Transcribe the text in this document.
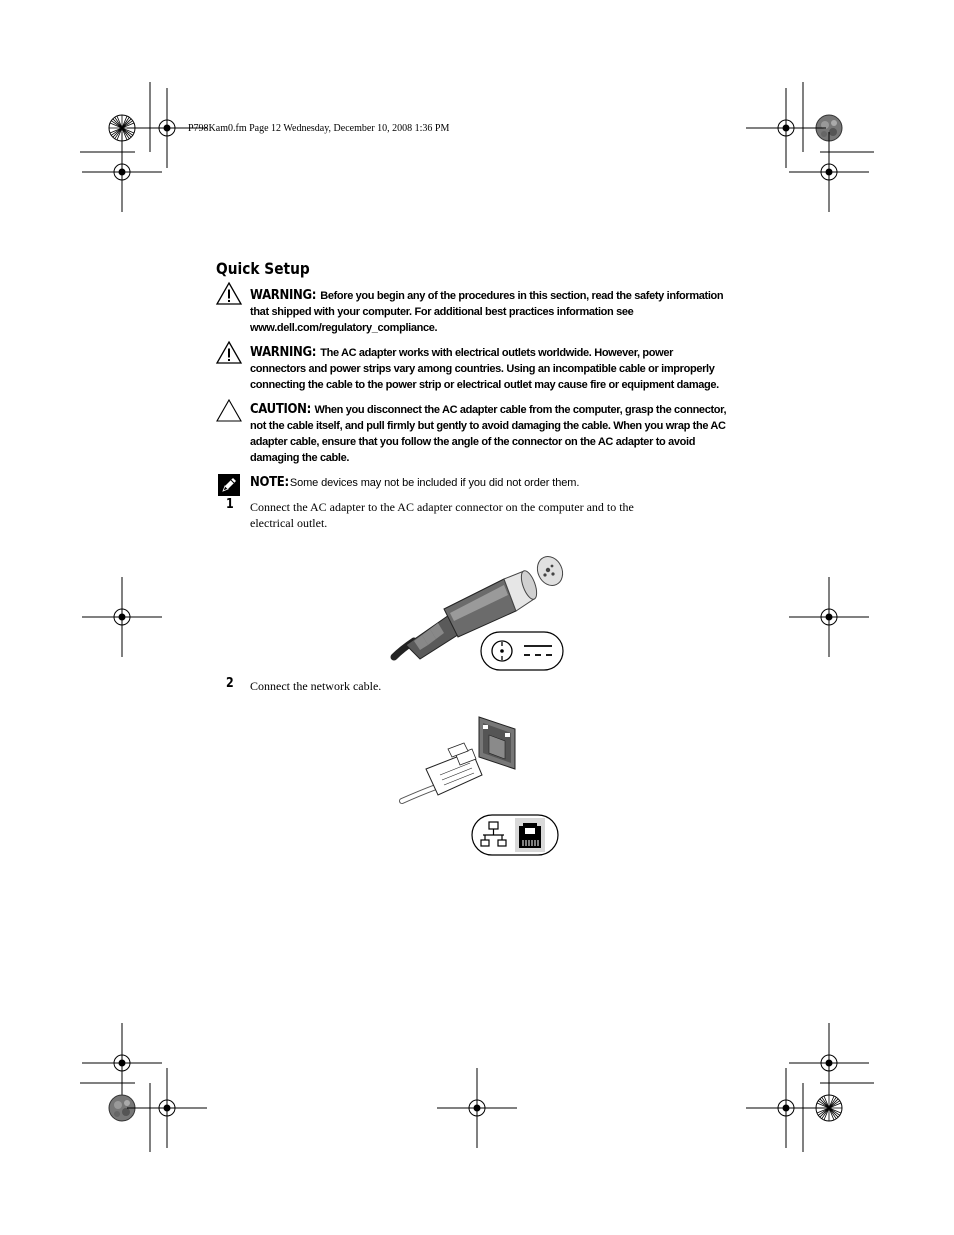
P798Kam0.fm Page 12 Wednesday, December 10, 2008 1:36 PM
Quick Setup
WARNING: Before you begin any of the procedures in this section, read the safety information
that shipped with your computer. For additional best practices information see
www.dell.com/regulatory_compliance.
WARNING: The AC adapter works with electrical outlets worldwide. However, power
connectors and power strips vary among countries. Using an incompatible cable or improperly
connecting the cable to the power strip or electrical outlet may cause fire or equipment damage.
CAUTION: When you disconnect the AC adapter cable from the computer, grasp the connector,
not the cable itself, and pull firmly but gently to avoid damaging the cable. When you wrap the AC
adapter cable, ensure that you follow the angle of the connector on the AC adapter to avoid
damaging the cable.
NOTE: Some devices may not be included if you did not order them.
1 Connect the AC adapter to the AC adapter connector on the computer and to the
electrical outlet.
2 Connect the network cable.
